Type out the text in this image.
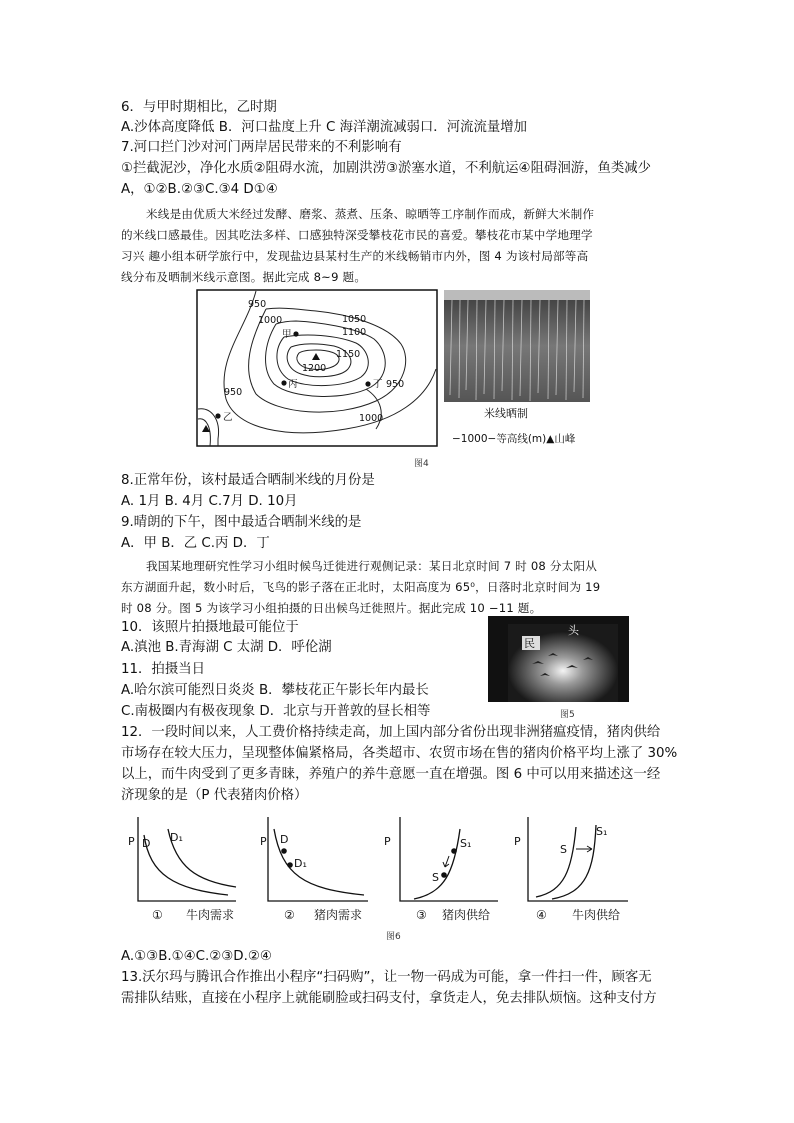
6．与甲时期相比，乙时期
A.沙体高度降低 B．河口盐度上升 C 海洋潮流减弱口．河流流量增加
7.河口拦门沙对河门两岸居民带来的不利影响有
①拦截泥沙，净化水质②阻碍水流，加剧洪涝③淤塞水道，不利航运④阻碍洄游，鱼类减少
A，①②B.②③C.③4 D①④
米线是由优质大米经过发酵、磨浆、蒸煮、压条、晾晒等工序制作而成，新鲜大米制作
的米线口感最佳。因其吃法多样、口感独特深受攀枝花市民的喜爱。攀枝花市某中学地理学
习兴 趣小组本研学旅行中，发现盐边县某村生产的米线畅销市内外，图 4 为该村局部等高
线分布及晒制米线示意图。据此完成 8~9 题。
950
1000	1050
1100
1150
1200
950
950
1000
甲
丙	丁
乙	米线晒制
−1000−等高线(m)▲山峰
图4
8.正常年份，该村最适合晒制米线的月份是
A. 1月 B. 4月 C.7月 D. 10月
9.晴朗的下午，图中最适合晒制米线的是
A．甲 B．乙 C.丙 D．丁
我国某地理研究性学习小组时候鸟迁徙进行观侧记录：某日北京时间 7 时 08 分太阳从
东方湖面升起，数小时后，飞鸟的影子落在正北时，太阳高度为 65⁰，日落时北京时间为 19
时 08 分。图 5 为该学习小组拍摄的日出候鸟迁徙照片。据此完成 10 −11 题。
10．该照片拍摄地最可能位于
A.滇池 B.青海湖 C 太湖 D．呼伦湖	民
头
图5
11．拍摄当日
A.哈尔滨可能烈日炎炎 B．攀枝花正午影长年内最长
C.南极圈内有极夜现象 D．北京与开普敦的昼长相等
12．一段时间以来，人工费价格持续走高，加上国内部分省份出现非洲猪瘟疫情，猪肉供给
市场存在较大压力，呈现整体偏紧格局，各类超市、农贸市场在售的猪肉价格平均上涨了 30%
以上，而牛肉受到了更多青睐，养殖户的养牛意愿一直在增强。图 6 中可以用来描述这一经
济现象的是（P 代表猪肉价格）
P D D₁	P D
D₁
P	S₁
S
P
S
S₁
① 牛肉需求	② 猪肉需求	③ 猪肉供给	④ 牛肉供给
图6
A.①③B.①④C.②③D.②④
13.沃尔玛与腾讯合作推出小程序“扫码购”，让一物一码成为可能，拿一件扫一件，顾客无
需排队结账，直接在小程序上就能刷脸或扫码支付，拿货走人，免去排队烦恼。这种支付方
